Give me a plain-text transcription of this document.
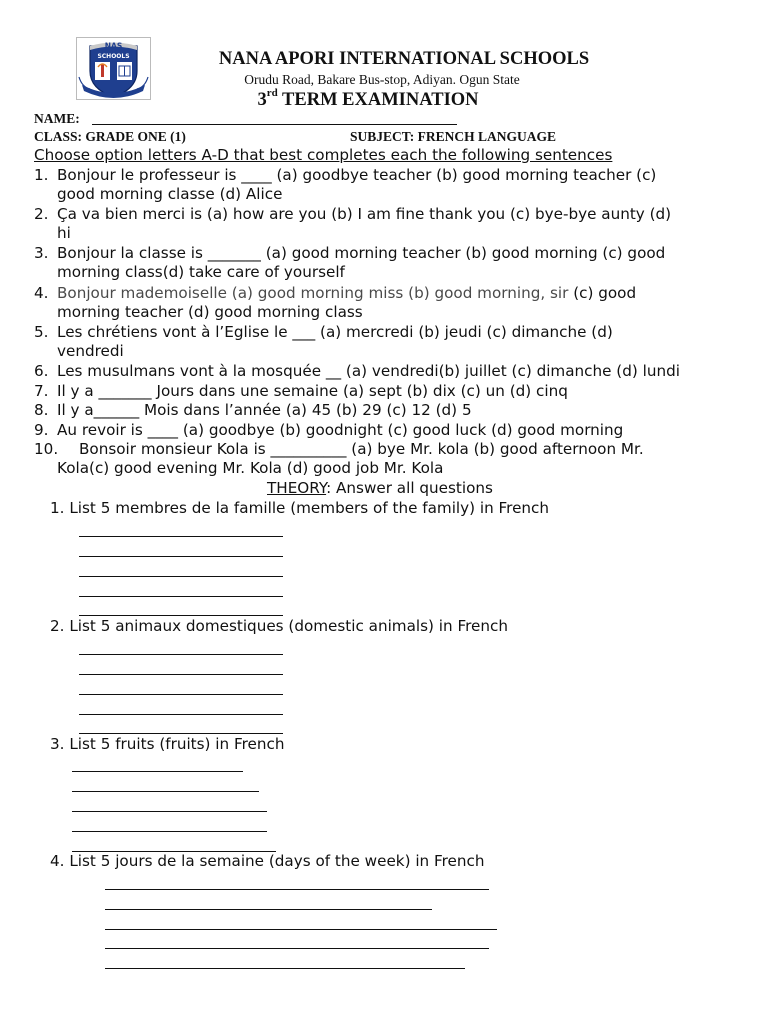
NAS
SCHOOLS	NANA APORI INTERNATIONAL SCHOOLS
Orudu Road, Bakare Bus-stop, Adiyan. Ogun State
3rd TERM EXAMINATION
NAME:
CLASS: GRADE ONE (1)	SUBJECT: FRENCH LANGUAGE
Choose option letters A-D that best completes each the following sentences
1. Bonjour le professeur is ____ (a) goodbye teacher (b) good morning teacher (c)
good morning classe (d) Alice
2. Ça va bien merci is (a) how are you (b) I am fine thank you (c) bye-bye aunty (d)
hi
3. Bonjour la classe is _______ (a) good morning teacher (b) good morning (c) good
morning class(d) take care of yourself
4. Bonjour mademoiselle (a) good morning miss (b) good morning, sir (c) good
morning teacher (d) good morning class
5. Les chrétiens vont à l’Eglise le ___ (a) mercredi (b) jeudi (c) dimanche (d)
vendredi
6. Les musulmans vont à la mosquée __ (a) vendredi(b) juillet (c) dimanche (d) lundi
7. Il y a _______ Jours dans une semaine (a) sept (b) dix (c) un (d) cinq
8. Il y a______ Mois dans l’année (a) 45 (b) 29 (c) 12 (d) 5
9. Au revoir is ____ (a) goodbye (b) goodnight (c) good luck (d) good morning
10. Bonsoir monsieur Kola is __________ (a) bye Mr. kola (b) good afternoon Mr.
Kola(c) good evening Mr. Kola (d) good job Mr. Kola
THEORY: Answer all questions
1. List 5 membres de la famille (members of the family) in French
2. List 5 animaux domestiques (domestic animals) in French
3. List 5 fruits (fruits) in French
4. List 5 jours de la semaine (days of the week) in French
